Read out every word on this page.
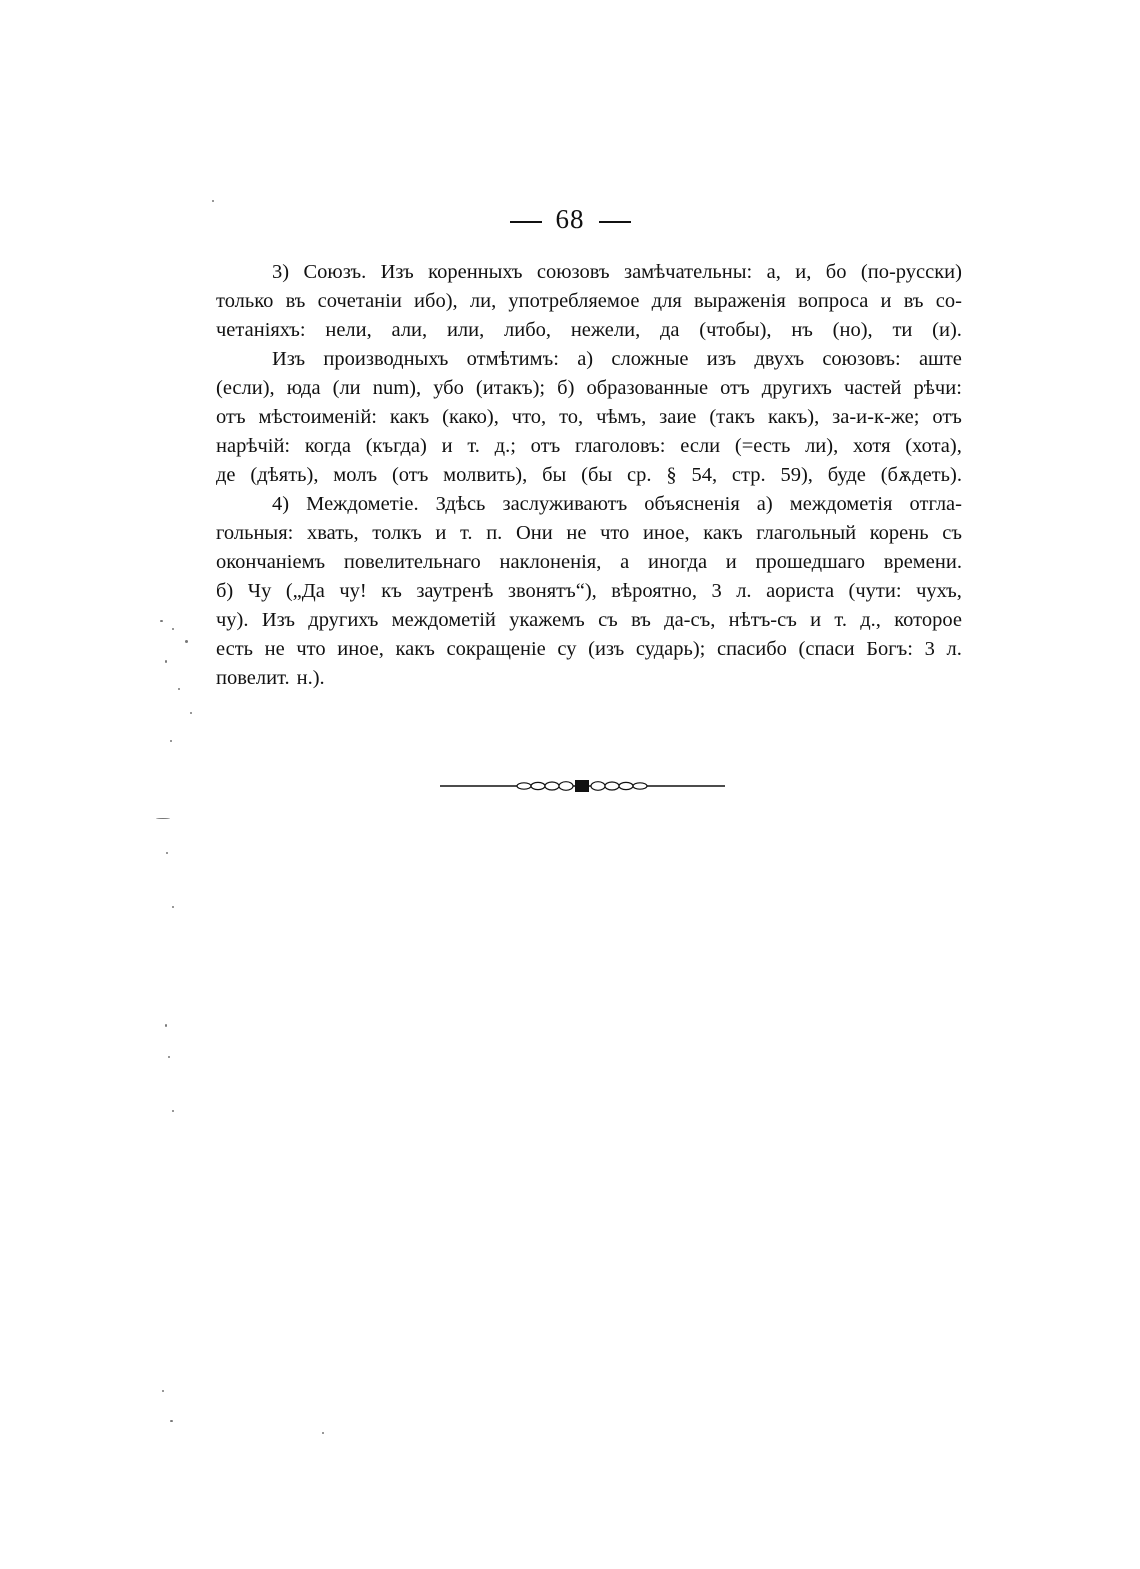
68
3) Союзъ. Изъ коренныхъ союзовъ замѣчательны: а, и, бо (по-русски)
только въ сочетаніи ибо), ли, употребляемое для выраженія вопроса и въ со-
четаніяхъ: нели, али, или, либо, нежели, да (чтобы), нъ (но), ти (и).
Изъ производныхъ отмѣтимъ: а) сложные изъ двухъ союзовъ: аште
(если), юда (ли num), убо (итакъ); б) образованные отъ другихъ частей рѣчи:
отъ мѣстоименій: какъ (како), что, то, чѣмъ, заие (такъ какъ), за-и-к-же; отъ
нарѣчій: когда (къгда) и т. д.; отъ глаголовъ: если (=есть ли), хотя (хота),
де (дѣять), молъ (отъ молвить), бы (бы ср. § 54, стр. 59), буде (бѫдеть).
4) Междометіе. Здѣсь заслуживаютъ объясненія а) междометія отгла-
гольныя: хвать, толкъ и т. п. Они не что иное, какъ глагольный корень съ
окончаніемъ повелительнаго наклоненія, а иногда и прошедшаго времени.
б) Чу („Да чу! къ заутренѣ звонятъ“), вѣроятно, 3 л. аориста (чути: чухъ,
чу). Изъ другихъ междометій укажемъ съ въ да-съ, нѣтъ-съ и т. д., которое
есть не что иное, какъ сокращеніе су (изъ сударь); спасибо (спаси Богъ: 3 л.
повелит. н.).
